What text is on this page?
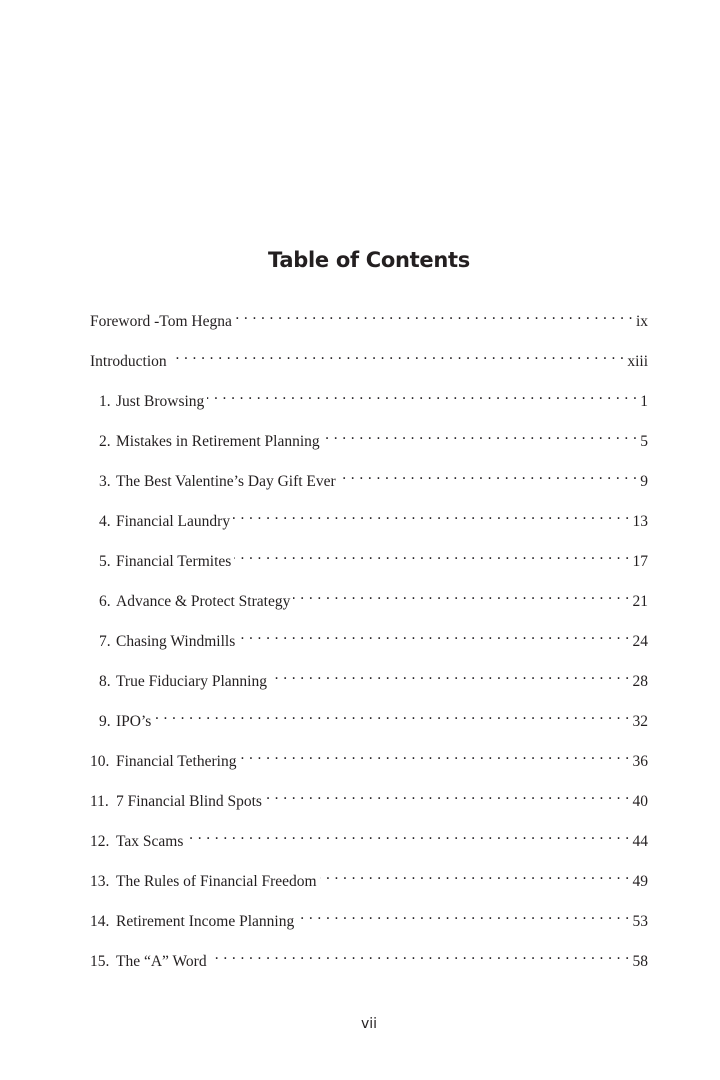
Table of Contents
Foreword -Tom Hegna . . .	ix
Introduction . . .	xiii
1. Just Browsing . . .	1
2. Mistakes in Retirement Planning . . .	5
3. The Best Valentine’s Day Gift Ever . . .	9
4. Financial Laundry . . .	13
5. Financial Termites . . .	17
6. Advance & Protect Strategy . . .	21
7. Chasing Windmills . . .	24
8. True Fiduciary Planning . . .	28
9. IPO’s . . .	32
10. Financial Tethering . . .	36
11. 7 Financial Blind Spots . . .	40
12. Tax Scams . . .	44
13. The Rules of Financial Freedom . . .	49
14. Retirement Income Planning . . .	53
15. The “A” Word . . .	58
vii
